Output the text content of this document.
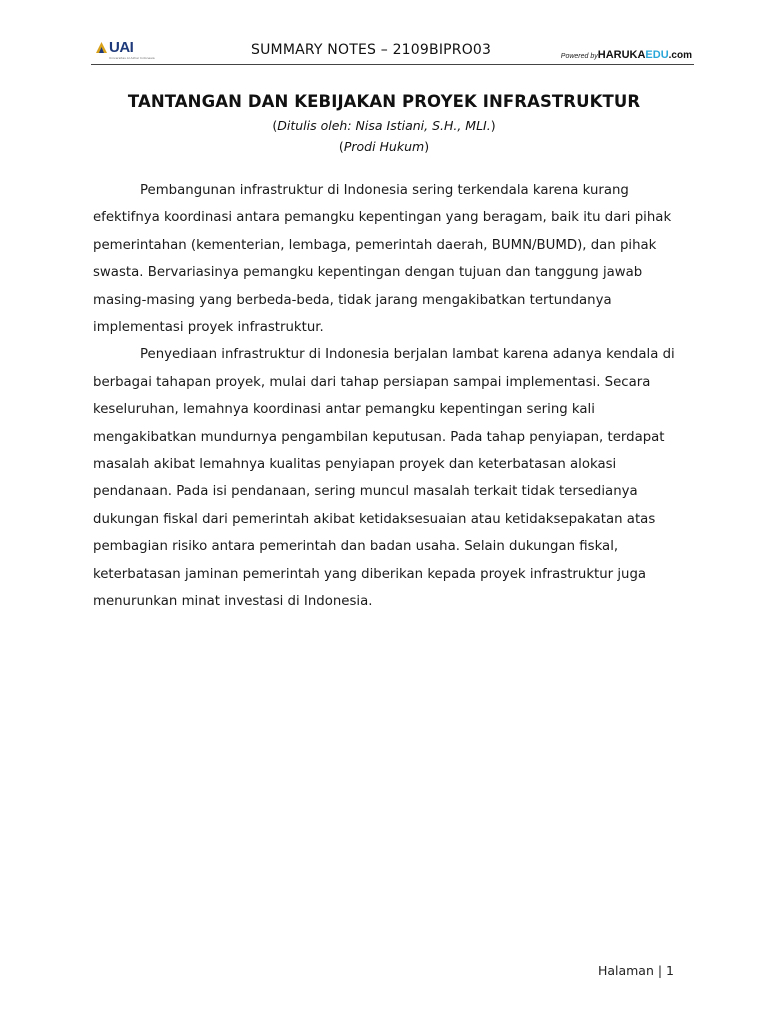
UAI
Universitas Al Azhar Indonesia	SUMMARY NOTES – 2109BIPRO03	Powered byHARUKAEDU.com
TANTANGAN DAN KEBIJAKAN PROYEK INFRASTRUKTUR
(Ditulis oleh: Nisa Istiani, S.H., MLI.)
(Prodi Hukum)

Pembangunan infrastruktur di Indonesia sering terkendala karena kurang efektifnya koordinasi antara pemangku kepentingan yang beragam, baik itu dari pihak pemerintahan (kementerian, lembaga, pemerintah daerah, BUMN/BUMD), dan pihak swasta. Bervariasinya pemangku kepentingan dengan tujuan dan tanggung jawab masing-masing yang berbeda-beda, tidak jarang mengakibatkan tertundanya implementasi proyek infrastruktur.

Penyediaan infrastruktur di Indonesia berjalan lambat karena adanya kendala di berbagai tahapan proyek, mulai dari tahap persiapan sampai implementasi. Secara keseluruhan, lemahnya koordinasi antar pemangku kepentingan sering kali mengakibatkan mundurnya pengambilan keputusan. Pada tahap penyiapan, terdapat masalah akibat lemahnya kualitas penyiapan proyek dan keterbatasan alokasi pendanaan. Pada isi pendanaan, sering muncul masalah terkait tidak tersedianya dukungan fiskal dari pemerintah akibat ketidaksesuaian atau ketidaksepakatan atas pembagian risiko antara pemerintah dan badan usaha. Selain dukungan fiskal, keterbatasan jaminan pemerintah yang diberikan kepada proyek infrastruktur juga menurunkan minat investasi di Indonesia.

Halaman | 1
